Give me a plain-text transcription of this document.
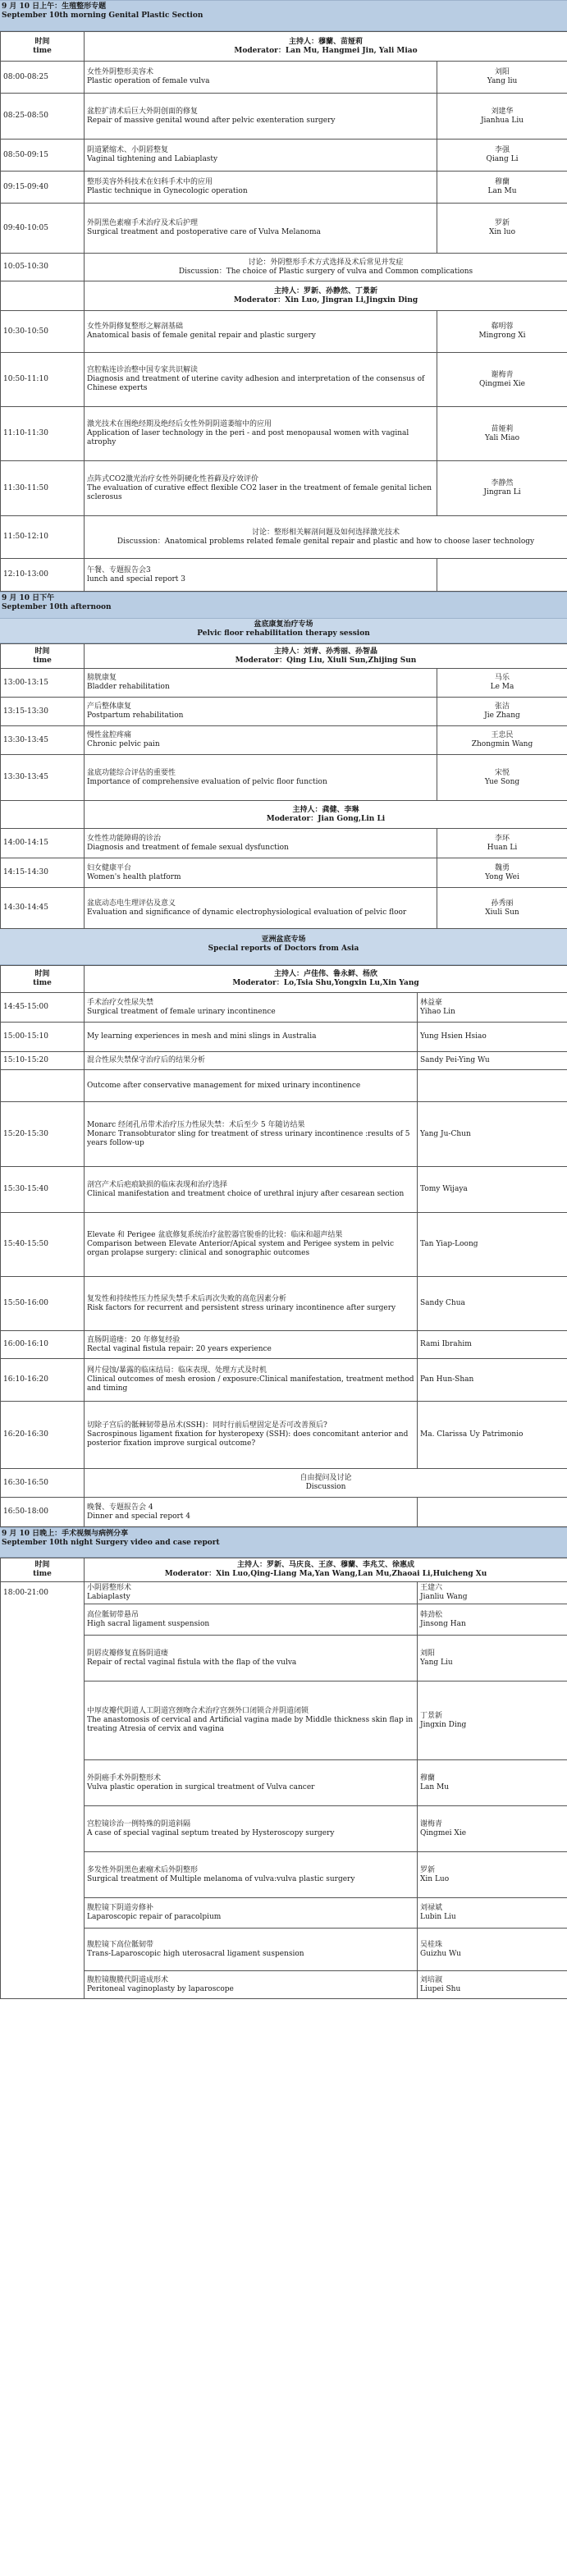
9 月 10 日上午：生殖整形专题
September 10th morning Genital Plastic Section
时间
time	主持人：穆蘭、苗娅莉
Moderator：Lan Mu, Hangmei Jin, Yali Miao	

08:00-08:25	女性外阴整形美容术
Plastic operation of female vulva	刘阳
Yang liu

08:25-08:50	盆腔扩清术后巨大外阴创面的修复
Repair of massive genital wound after pelvic exenteration surgery	刘建华
Jianhua Liu

08:50-09:15	阴道紧缩术、小阴唇整复
Vaginal tightening and Labiaplasty	李强
Qiang Li

09:15-09:40	整形美容外科技术在妇科手术中的应用
Plastic technique in Gynecologic operation	穆蘭
Lan Mu

09:40-10:05	外阴黑色素瘤手术治疗及术后护理
Surgical treatment and postoperative care of Vulva Melanoma	罗新
Xin luo

10:05-10:30	讨论：外阴整形手术方式选择及术后常见并发症
Discussion：The choice of Plastic surgery of vulva and Common complications	

	主持人：罗新、孙静然、丁景新
Moderator：Xin Luo, Jingran Li,Jingxin Ding	

10:30-10:50	女性外阴修复整形之解剖基础
Anatomical basis of female genital repair and plastic surgery	郗明蓉
Mingrong Xi

10:50-11:10	宫腔粘连诊治整中国专家共识解读
Diagnosis and treatment of uterine cavity adhesion and interpretation of the consensus of Chinese experts	谢梅青
Qingmei Xie

11:10-11:30	激光技术在围绝经期及绝经后女性外阴阴道萎缩中的应用
Application of laser technology in the peri - and post menopausal women with vaginal atrophy	苗娅莉
Yali Miao

11:30-11:50	点阵式CO2激光治疗女性外阴硬化性苔藓及疗效评价
The evaluation of curative effect flexible CO2 laser in the treatment of female genital lichen sclerosus	李静然
Jingran Li

11:50-12:10	讨论：整形相关解剖问题及如何选择激光技术
Discussion：Anatomical problems related female genital repair and plastic and how to choose laser technology	

12:10-13:00	午餐、专题报告会3
lunch and special report 3	

9 月 10 日下午
September 10th afternoon
盆底康复治疗专场
Pelvic floor rehabilitation therapy session
时间
time	主持人：刘青、孙秀丽、孙智晶
Moderator：Qing Liu, Xiuli Sun,Zhijing Sun	

13:00-13:15	膀胱康复
Bladder rehabilitation	马乐
Le Ma

13:15-13:30	产后整体康复
Postpartum rehabilitation	张洁
Jie Zhang

13:30-13:45	慢性盆腔疼痛
Chronic pelvic pain	王忠民
Zhongmin Wang

13:30-13:45	盆底功能综合评估的重要性
Importance of comprehensive evaluation of pelvic floor function	宋悦
Yue Song

	主持人：龚健、李琳
Moderator：Jian Gong,Lin Li	

14:00-14:15	女性性功能障碍的诊治
Diagnosis and treatment of female sexual dysfunction	李环
Huan Li

14:15-14:30	妇女健康平台
Women's health platform	魏勇
Yong Wei

14:30-14:45	盆底动态电生理评估及意义
Evaluation and significance of dynamic electrophysiological evaluation of pelvic floor	孙秀丽
Xiuli Sun
亚洲盆底专场
Special reports of Doctors from Asia
时间
time	主持人：卢佳伟、鲁永鲜、杨欣
Moderator：Lo,Tsia Shu,Yongxin Lu,Xin Yang	

14:45-15:00	手术治疗女性尿失禁
Surgical treatment of female urinary incontinence	林益豪
Yihao Lin
15:00-15:10	My learning experiences in mesh and mini slings in Australia	Yung Hsien Hsiao
15:10-15:20	混合性尿失禁保守治疗后的结果分析	Sandy Pei-Ying Wu

	Outcome after conservative management for mixed urinary incontinence	

15:20-15:30	Monarc 经闭孔吊带术治疗压力性尿失禁：术后至少 5 年随访结果
Monarc Transobturator sling for treatment of stress urinary incontinence :results of 5 years follow-up	Yang Ju-Chun
15:30-15:40	剖宫产术后疤痕缺损的临床表现和治疗选择
Clinical manifestation and treatment choice of urethral injury after cesarean section	Tomy Wijaya
15:40-15:50	Elevate 和 Perigee 盆底修复系统治疗盆腔器官脱垂的比较：临床和超声结果
Comparison between Elevate Anterior/Apical system and Perigee system in pelvic organ prolapse surgery: clinical and sonographic outcomes	Tan Yiap-Loong
15:50-16:00	复发性和持续性压力性尿失禁手术后再次失败的高危因素分析
Risk factors for recurrent and persistent stress urinary incontinence after surgery	Sandy Chua
16:00-16:10	直肠阴道瘘：20 年修复经验
Rectal vaginal fistula repair: 20 years experience	Rami Ibrahim
16:10-16:20	网片侵蚀/暴露的临床结局：临床表现、处理方式及时机
Clinical outcomes of mesh erosion / exposure:Clinical manifestation, treatment method and timing	Pan Hun-Shan
16:20-16:30	切除子宫后的骶棘韧带悬吊术(SSH)：同时行前后壁固定是否可改善预后?
Sacrospinous ligament fixation for hysteropexy (SSH): does concomitant anterior and posterior fixation improve surgical outcome?	Ma. Clarissa Uy Patrimonio
16:30-16:50	自由提问及讨论
Discussion	

16:50-18:00	晚餐、专题报告会 4
Dinner and special report 4	

9 月 10 日晚上：手术视频与病例分享
September 10th night Surgery video and case report
时间
time	主持人：罗新、马庆良、王彦、穆蘭、李兆艾、徐惠成
Moderator：Xin Luo,Qing-Liang Ma,Yan Wang,Lan Mu,Zhaoai Li,Huicheng Xu	

18:00-21:00	小阴唇整形术
Labiaplasty	王建六
Jianliu Wang

	高位骶韧带悬吊
High sacral ligament suspension	韩劲松
Jinsong Han

	阴唇皮瓣修复直肠阴道瘘
Repair of rectal vaginal fistula with the flap of the vulva	刘阳
Yang Liu

	中厚皮瓣代阴道人工阴道宫颈吻合术治疗宫颈外口闭锁合并阴道闭锁
The anastomosis of cervical and Artificial vagina made by Middle thickness skin flap in treating Atresia of cervix and vagina	丁景新
Jingxin Ding

	外阴癌手术外阴整形术
Vulva plastic operation in surgical treatment of Vulva cancer	穆蘭
Lan Mu

	宫腔镜诊治一例特殊的阴道斜隔
A case of special vaginal septum treated by Hysteroscopy surgery	谢梅青
Qingmei Xie

	多发性外阴黑色素瘤术后外阴整形
Surgical treatment of Multiple melanoma of vulva:vulva plastic surgery	罗新
Xin Luo

	腹腔镜下阴道旁修补
Laparoscopic repair of paracolpium	刘禄斌
Lubin Liu

	腹腔镜下高位骶韧带
Trans-Laparoscopic high uterosacral ligament suspension	吴桂珠
Guizhu Wu

	腹腔镜腹膜代阴道成形术
Peritoneal vaginoplasty by laparoscope	刘培淑
Liupei Shu
